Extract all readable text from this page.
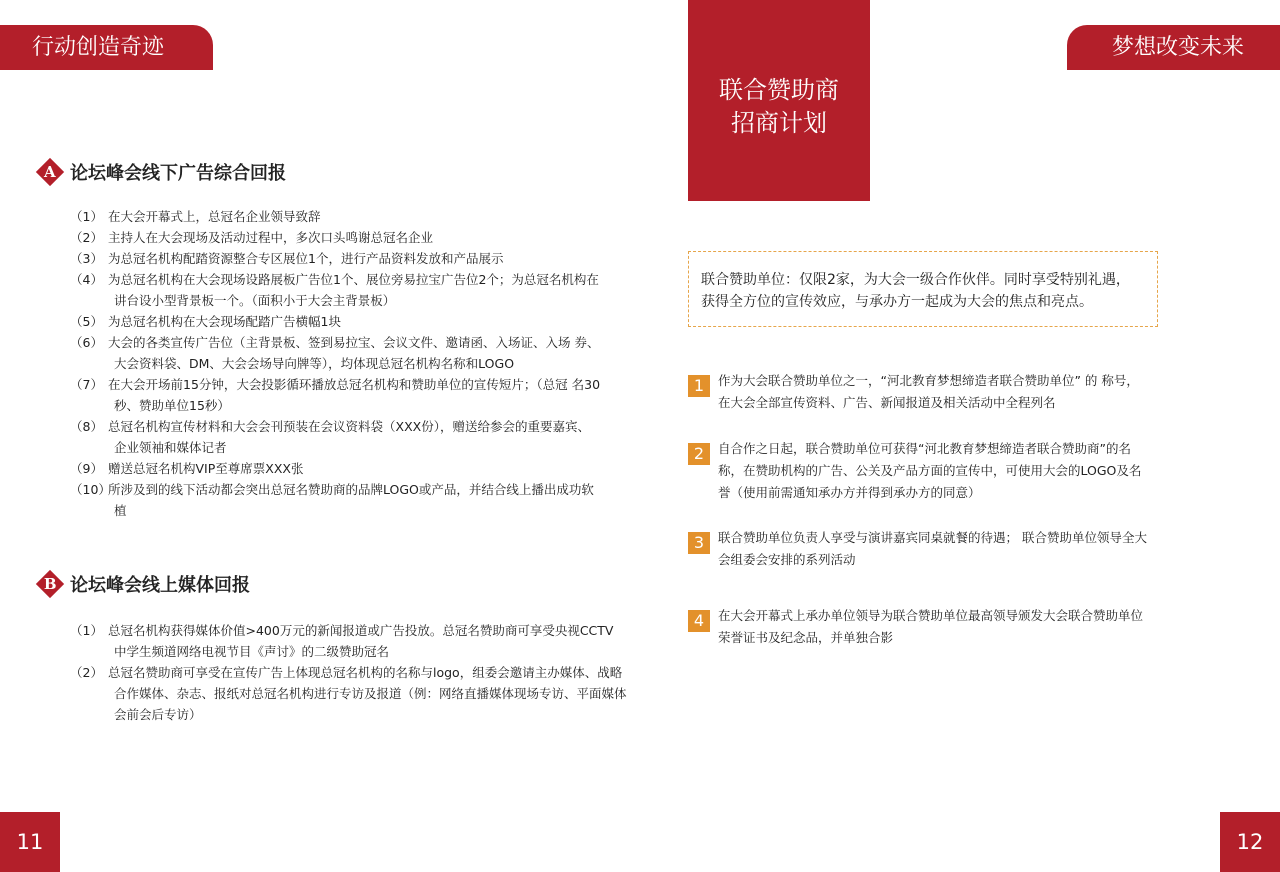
行动创造奇迹
A 论坛峰会线下广告综合回报
（1） 在大会开幕式上，总冠名企业领导致辞
（2） 主持人在大会现场及活动过程中，多次口头鸣谢总冠名企业
（3） 为总冠名机构配踏资源整合专区展位1个，进行产品资料发放和产品展示
（4） 为总冠名机构在大会现场设路展板广告位1个、展位旁易拉宝广告位2个；为总冠名机构在
讲台设小型背景板一个。（面积小于大会主背景板）
（5） 为总冠名机构在大会现场配踏广告横幅1块
（6） 大会的各类宣传广告位（主背景板、签到易拉宝、会议文件、邀请函、入场证、入场 券、
大会资料袋、DM、大会会场导向牌等），均体现总冠名机构名称和LOGO
（7） 在大会开场前15分钟，大会投影循环播放总冠名机构和赞助单位的宣传短片；（总冠 名30
秒、赞助单位15秒）
（8） 总冠名机构宣传材料和大会会刊预装在会议资料袋（XXX份），赠送给参会的重要嘉宾、
企业领袖和媒体记者
（9） 赠送总冠名机构VIP至尊席票XXX张
（10）
所涉及到的线下活动都会突出总冠名赞助商的品牌LOGO或产品，并结合线上播出成功软
植
B 论坛峰会线上媒体回报
（1） 总冠名机构获得媒体价值>400万元的新闻报道或广告投放。总冠名赞助商可享受央视CCTV
中学生频道网络电视节目《声讨》的二级赞助冠名
（2） 总冠名赞助商可享受在宣传广告上体现总冠名机构的名称与logo，组委会邀请主办媒体、战略
合作媒体、杂志、报纸对总冠名机构进行专访及报道（例：网络直播媒体现场专访、平面媒体
会前会后专访）
11
联合赞助商
招商计划
梦想改变未来
联合赞助单位：仅限2家，为大会一级合作伙伴。同时享受特别礼遇，
获得全方位的宣传效应，与承办方一起成为大会的焦点和亮点。
1	作为大会联合赞助单位之一，“河北教育梦想缔造者联合赞助单位” 的 称号，
在大会全部宣传资料、广告、新闻报道及相关活动中全程列名
2	自合作之日起，联合赞助单位可获得“河北教育梦想缔造者联合赞助商”的名
称，在赞助机构的广告、公关及产品方面的宣传中，可使用大会的LOGO及名
誉（使用前需通知承办方并得到承办方的同意）
3	联合赞助单位负责人享受与演讲嘉宾同桌就餐的待遇； 联合赞助单位领导全大
会组委会安排的系列活动
4	在大会开幕式上承办单位领导为联合赞助单位最高领导颁发大会联合赞助单位
荣誉证书及纪念品，并单独合影
12
